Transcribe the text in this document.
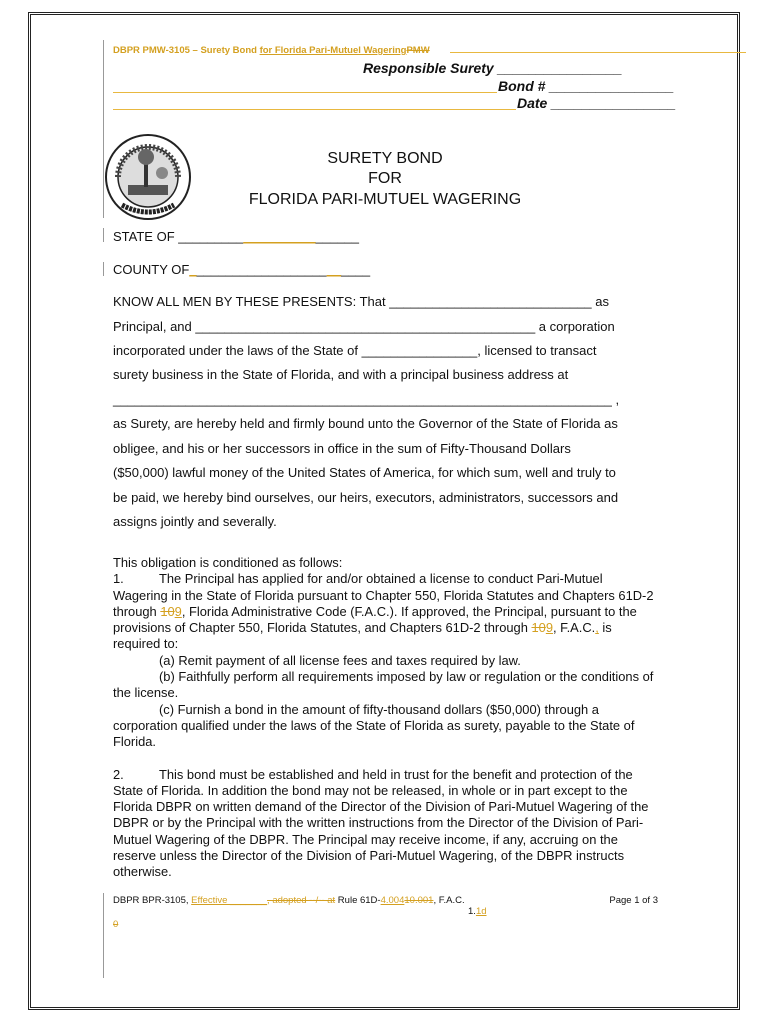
DBPR PMW-3105 – Surety Bond for Florida Pari-Mutuel WageringPMW
Responsible Surety ________________
Bond # ________________
Date ________________
SURETY BOND
FOR
FLORIDA PARI-MUTUEL WAGERING
STATE OF _________________________
COUNTY OF_________________________
KNOW ALL MEN BY THESE PRESENTS: That ____________________________ as
Principal, and _______________________________________________ a corporation
incorporated under the laws of the State of ________________, licensed to transact
surety business in the State of Florida, and with a principal business address at
_____________________________________________________________________ ,
as Surety, are hereby held and firmly bound unto the Governor of the State of Florida as
obligee, and his or her successors in office in the sum of Fifty-Thousand Dollars
($50,000) lawful money of the United States of America, for which sum, well and truly to
be paid, we hereby bind ourselves, our heirs, executors, administrators, successors and
assigns jointly and severally.

This obligation is conditioned as follows:

1.	The Principal has applied for and/or obtained a license to conduct Pari-Mutuel Wagering in the State of Florida pursuant to Chapter 550, Florida Statutes and Chapters 61D-2 through 109, Florida Administrative Code (F.A.C.). If approved, the Principal, pursuant to the provisions of Chapter 550, Florida Statutes, and Chapters 61D-2 through 109, F.A.C., is required to:

(a) Remit payment of all license fees and taxes required by law.

(b) Faithfully perform all requirements imposed by law or regulation or the conditions of the license.

(c) Furnish a bond in the amount of fifty-thousand dollars ($50,000) through a corporation qualified under the laws of the State of Florida as surety, payable to the State of Florida.

2.	This bond must be established and held in trust for the benefit and protection of the State of Florida. In addition the bond may not be released, in whole or in part except to the Florida DBPR on written demand of the Director of the Division of Pari-Mutuel Wagering of the DBPR or by the Principal with the written instructions from the Director of the Division of Pari-Mutuel Wagering of the DBPR. The Principal may receive income, if any, accruing on the reserve unless the Director of the Division of Pari-Mutuel Wagering, of the DBPR instructs otherwise.

DBPR BPR-3105, Effective _______, adopted --/-- at Rule 61D-4.00410.001, F.A.C.
1.1d
0
Page 1 of 3
